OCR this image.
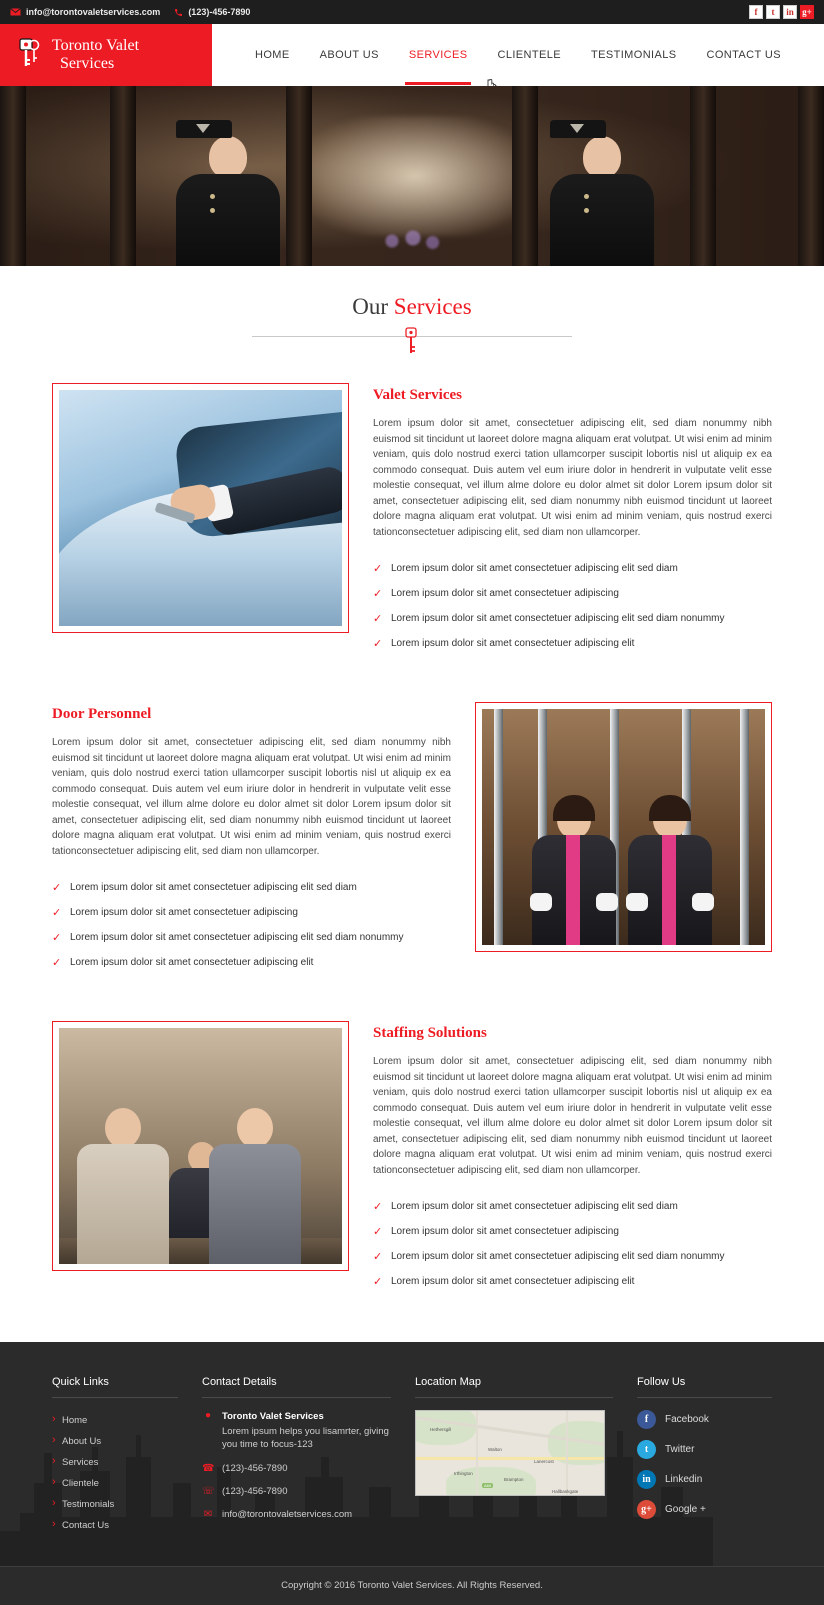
info@torontovaletservices.com	(123)-456-7890	f	t	in g+
Toronto Valet
Services	HOME	ABOUT US	SERVICES	CLIENTELE	TESTIMONIALS	CONTACT US
Our Services
Valet Services

Lorem ipsum dolor sit amet, consectetuer adipiscing elit, sed diam nonummy nibh euismod sit tincidunt ut laoreet dolore magna aliquam erat volutpat. Ut wisi enim ad minim veniam, quis dolo nostrud exerci tation ullamcorper suscipit lobortis nisl ut aliquip ex ea commodo consequat. Duis autem vel eum iriure dolor in hendrerit in vulputate velit esse molestie consequat, vel illum alme dolore eu dolor almet sit dolor Lorem ipsum dolor sit amet, consectetuer adipiscing elit, sed diam nonummy nibh euismod tincidunt ut laoreet dolore magna aliquam erat volutpat. Ut wisi enim ad minim veniam, quis nostrud exerci tationconsectetuer adipiscing elit, sed diam non ullamcorper.

✓ Lorem ipsum dolor sit amet consectetuer adipiscing elit sed diam
✓ Lorem ipsum dolor sit amet consectetuer adipiscing
✓ Lorem ipsum dolor sit amet consectetuer adipiscing elit sed diam nonummy
✓ Lorem ipsum dolor sit amet consectetuer adipiscing elit
Door Personnel

Lorem ipsum dolor sit amet, consectetuer adipiscing elit, sed diam nonummy nibh euismod sit tincidunt ut laoreet dolore magna aliquam erat volutpat. Ut wisi enim ad minim veniam, quis dolo nostrud exerci tation ullamcorper suscipit lobortis nisl ut aliquip ex ea commodo consequat. Duis autem vel eum iriure dolor in hendrerit in vulputate velit esse molestie consequat, vel illum alme dolore eu dolor almet sit dolor Lorem ipsum dolor sit amet, consectetuer adipiscing elit, sed diam nonummy nibh euismod tincidunt ut laoreet dolore magna aliquam erat volutpat. Ut wisi enim ad minim veniam, quis nostrud exerci tationconsectetuer adipiscing elit, sed diam non ullamcorper.

✓ Lorem ipsum dolor sit amet consectetuer adipiscing elit sed diam
✓ Lorem ipsum dolor sit amet consectetuer adipiscing
✓ Lorem ipsum dolor sit amet consectetuer adipiscing elit sed diam nonummy
✓ Lorem ipsum dolor sit amet consectetuer adipiscing elit
Staffing Solutions

Lorem ipsum dolor sit amet, consectetuer adipiscing elit, sed diam nonummy nibh euismod sit tincidunt ut laoreet dolore magna aliquam erat volutpat. Ut wisi enim ad minim veniam, quis dolo nostrud exerci tation ullamcorper suscipit lobortis nisl ut aliquip ex ea commodo consequat. Duis autem vel eum iriure dolor in hendrerit in vulputate velit esse molestie consequat, vel illum alme dolore eu dolor almet sit dolor Lorem ipsum dolor sit amet, consectetuer adipiscing elit, sed diam nonummy nibh euismod tincidunt ut laoreet dolore magna aliquam erat volutpat. Ut wisi enim ad minim veniam, quis nostrud exerci tationconsectetuer adipiscing elit, sed diam non ullamcorper.

✓ Lorem ipsum dolor sit amet consectetuer adipiscing elit sed diam
✓ Lorem ipsum dolor sit amet consectetuer adipiscing
✓ Lorem ipsum dolor sit amet consectetuer adipiscing elit sed diam nonummy
✓ Lorem ipsum dolor sit amet consectetuer adipiscing elit
Quick Links
› Home
› About Us
› Services
› Clientele
› Testimonials
› Contact Us
Contact Details
●	Toronto Valet Services
Lorem ipsum helps you lisamrter, giving you time to focus-123
☎ (123)-456-7890
☏ (123)-456-7890
✉ info@torontovaletservices.com
Location Map
A69
Hethersgill
Walton
Lanercost
Irthington
Brampton
Hallbankgate
Follow Us
f	Facebook
t	Twitter
in	Linkedin
g+	Google +
Copyright © 2016 Toronto Valet Services. All Rights Reserved.
